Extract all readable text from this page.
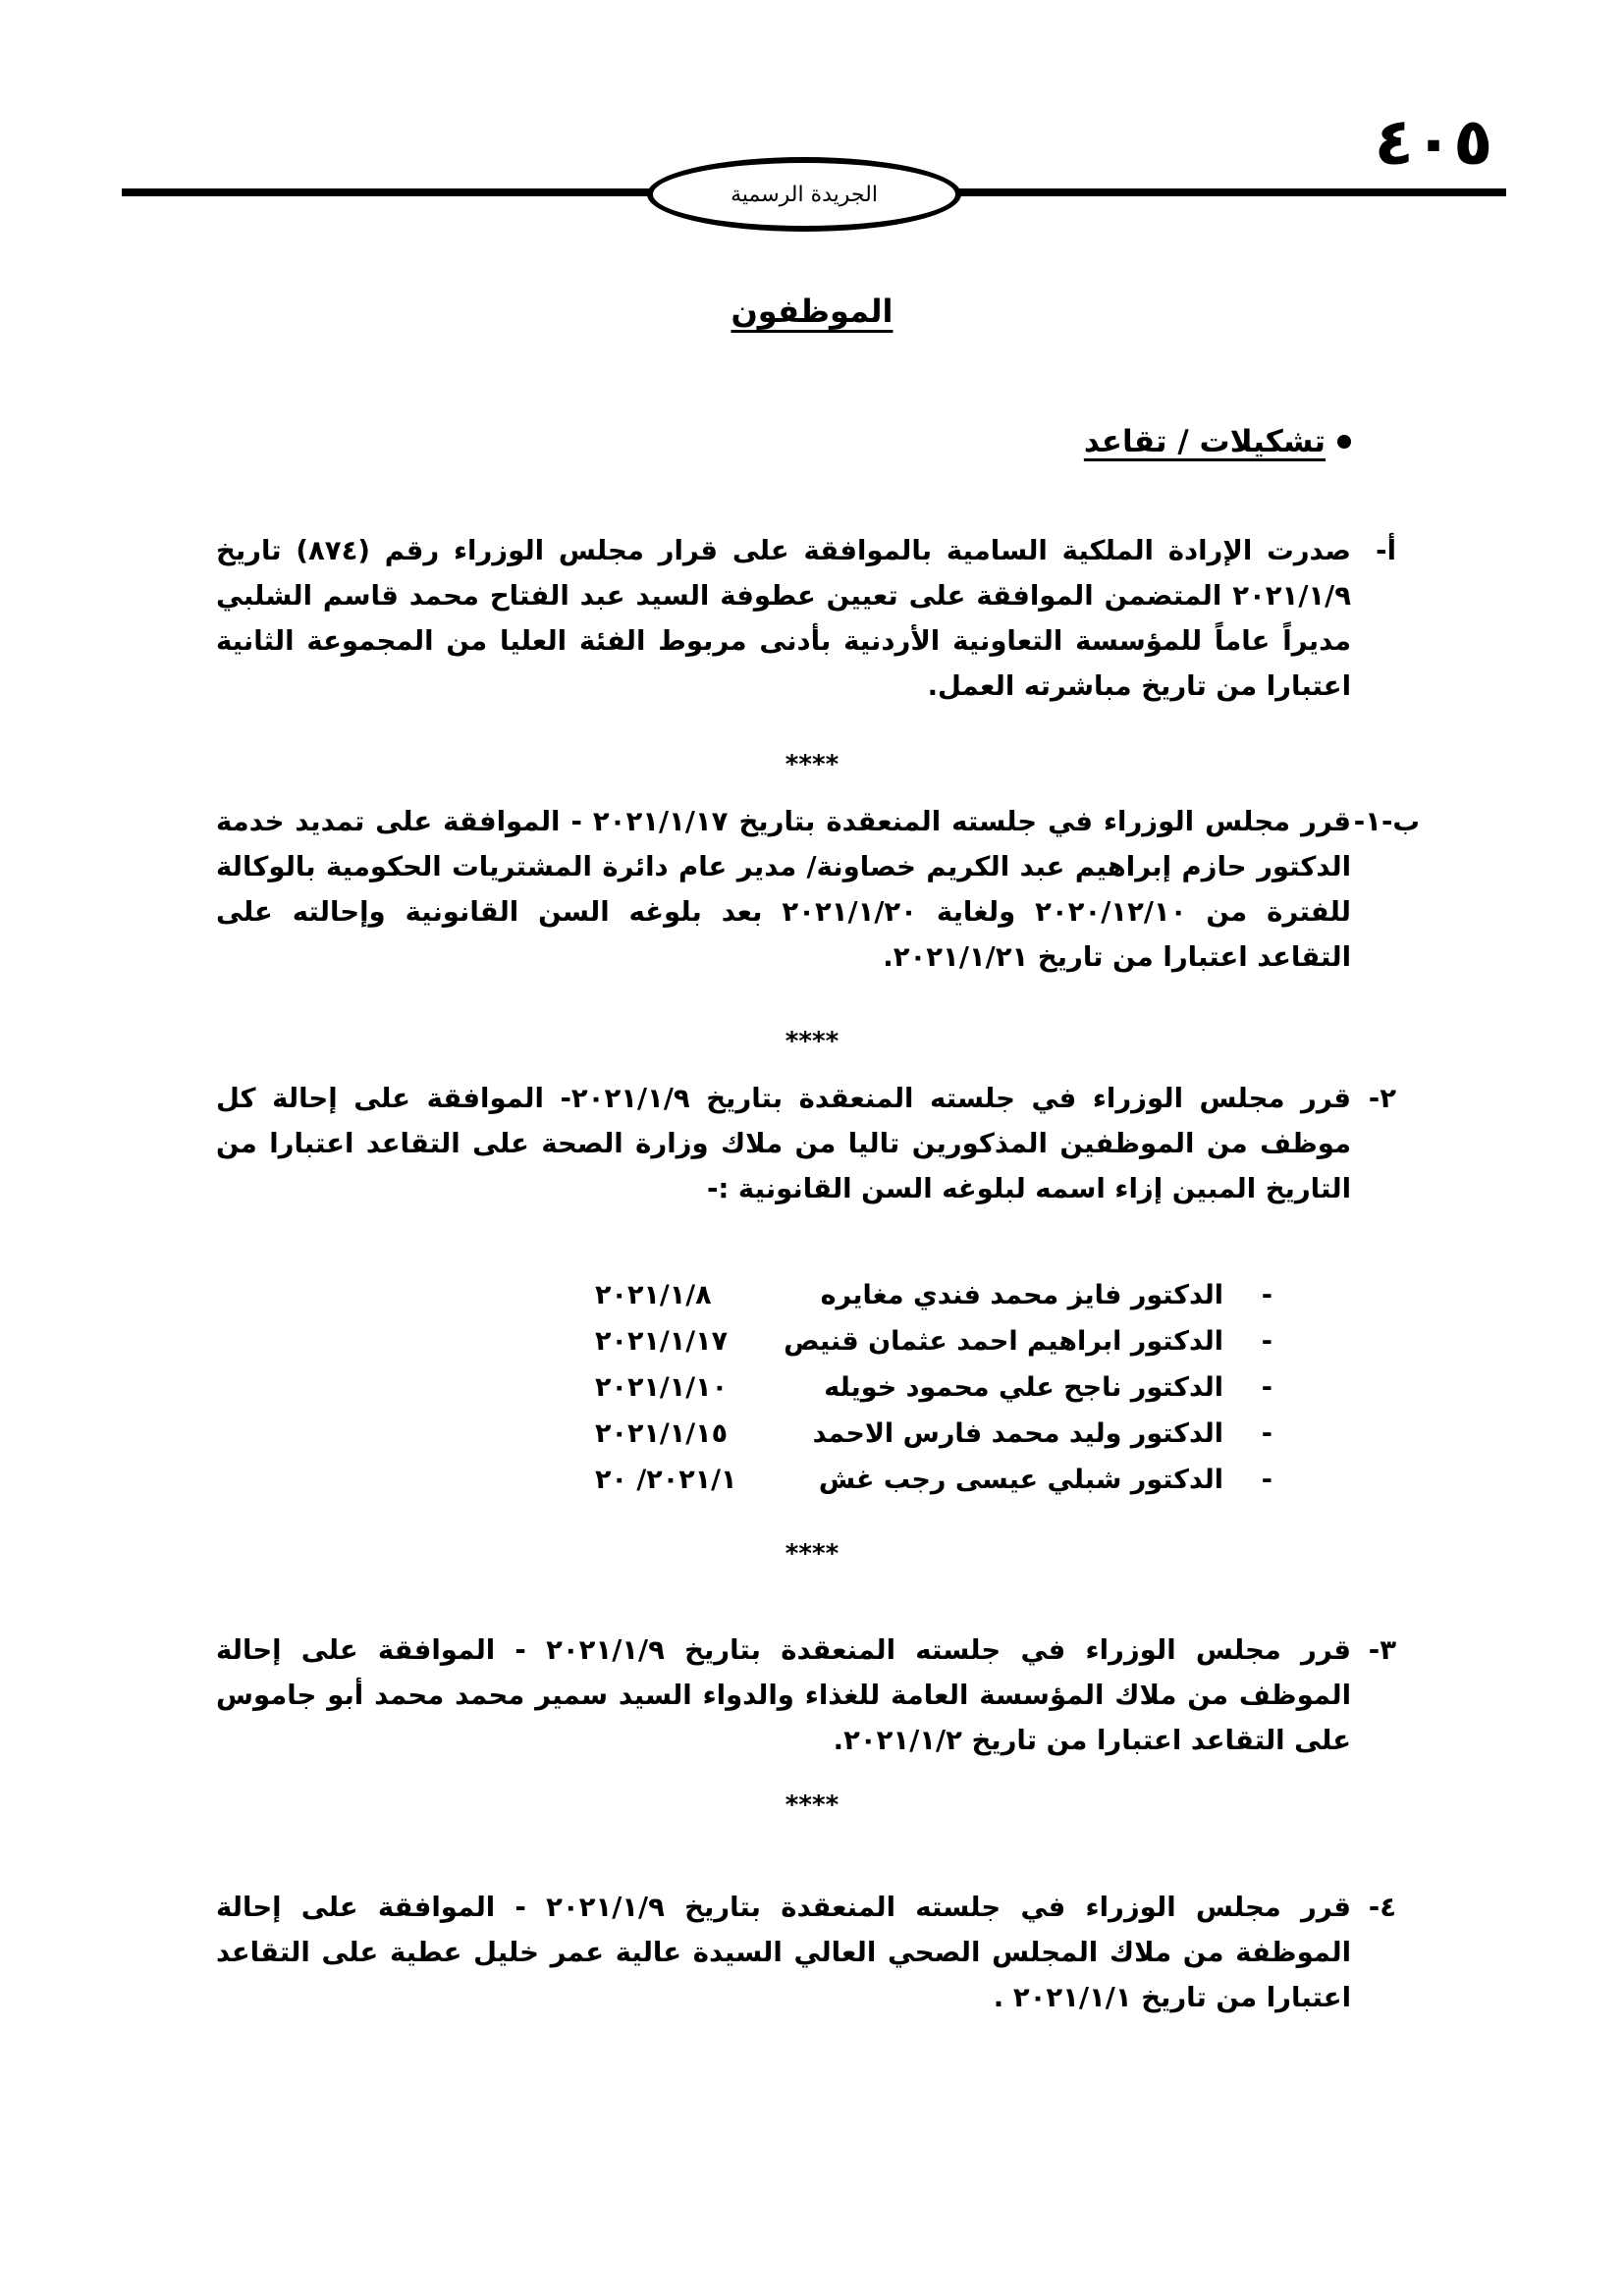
٤٠٥
الجريدة الرسمية
الموظفون
تشكيلات / تقاعد
أ-
صدرت الإرادة الملكية السامية بالموافقة على قرار مجلس الوزراء رقم (٨٧٤) تاريخ ٢٠٢١/١/٩ المتضمن الموافقة على تعيين عطوفة السيد عبد الفتاح محمد قاسم الشلبي مديراً عاماً للمؤسسة التعاونية الأردنية بأدنى مربوط الفئة العليا من المجموعة الثانية اعتبارا من تاريخ مباشرته العمل.
****
ب-١-
قرر مجلس الوزراء في جلسته المنعقدة بتاريخ ٢٠٢١/١/١٧ - الموافقة على تمديد خدمة الدكتور حازم إبراهيم عبد الكريم خصاونة/ مدير عام دائرة المشتريات الحكومية بالوكالة للفترة من ٢٠٢٠/١٢/١٠ ولغاية ٢٠٢١/١/٢٠ بعد بلوغه السن القانونية وإحالته على التقاعد اعتبارا من تاريخ ٢٠٢١/١/٢١.
****
٢-
قرر مجلس الوزراء في جلسته المنعقدة بتاريخ ٢٠٢١/١/٩- الموافقة على إحالة كل موظف من الموظفين المذكورين تاليا من ملاك وزارة الصحة على التقاعد اعتبارا من التاريخ المبين إزاء اسمه لبلوغه السن القانونية :-
-
الدكتور فايز محمد فندي مغايره
٢٠٢١/١/٨
-
الدكتور ابراهيم احمد عثمان قنيص
٢٠٢١/١/١٧
-
الدكتور ناجح علي محمود خويله
٢٠٢١/١/١٠
-
الدكتور وليد محمد فارس الاحمد
٢٠٢١/١/١٥
-
الدكتور شبلي عيسى رجب غش
٢٠٢١/١/ ٢٠
****
٣-
قرر مجلس الوزراء في جلسته المنعقدة بتاريخ ٢٠٢١/١/٩ - الموافقة على إحالة الموظف من ملاك المؤسسة العامة للغذاء والدواء السيد سمير محمد محمد أبو جاموس على التقاعد اعتبارا من تاريخ ٢٠٢١/١/٢.
****
٤-
قرر مجلس الوزراء في جلسته المنعقدة بتاريخ ٢٠٢١/١/٩ - الموافقة على إحالة الموظفة من ملاك المجلس الصحي العالي السيدة عالية عمر خليل عطية على التقاعد اعتبارا من تاريخ ٢٠٢١/١/١ .
